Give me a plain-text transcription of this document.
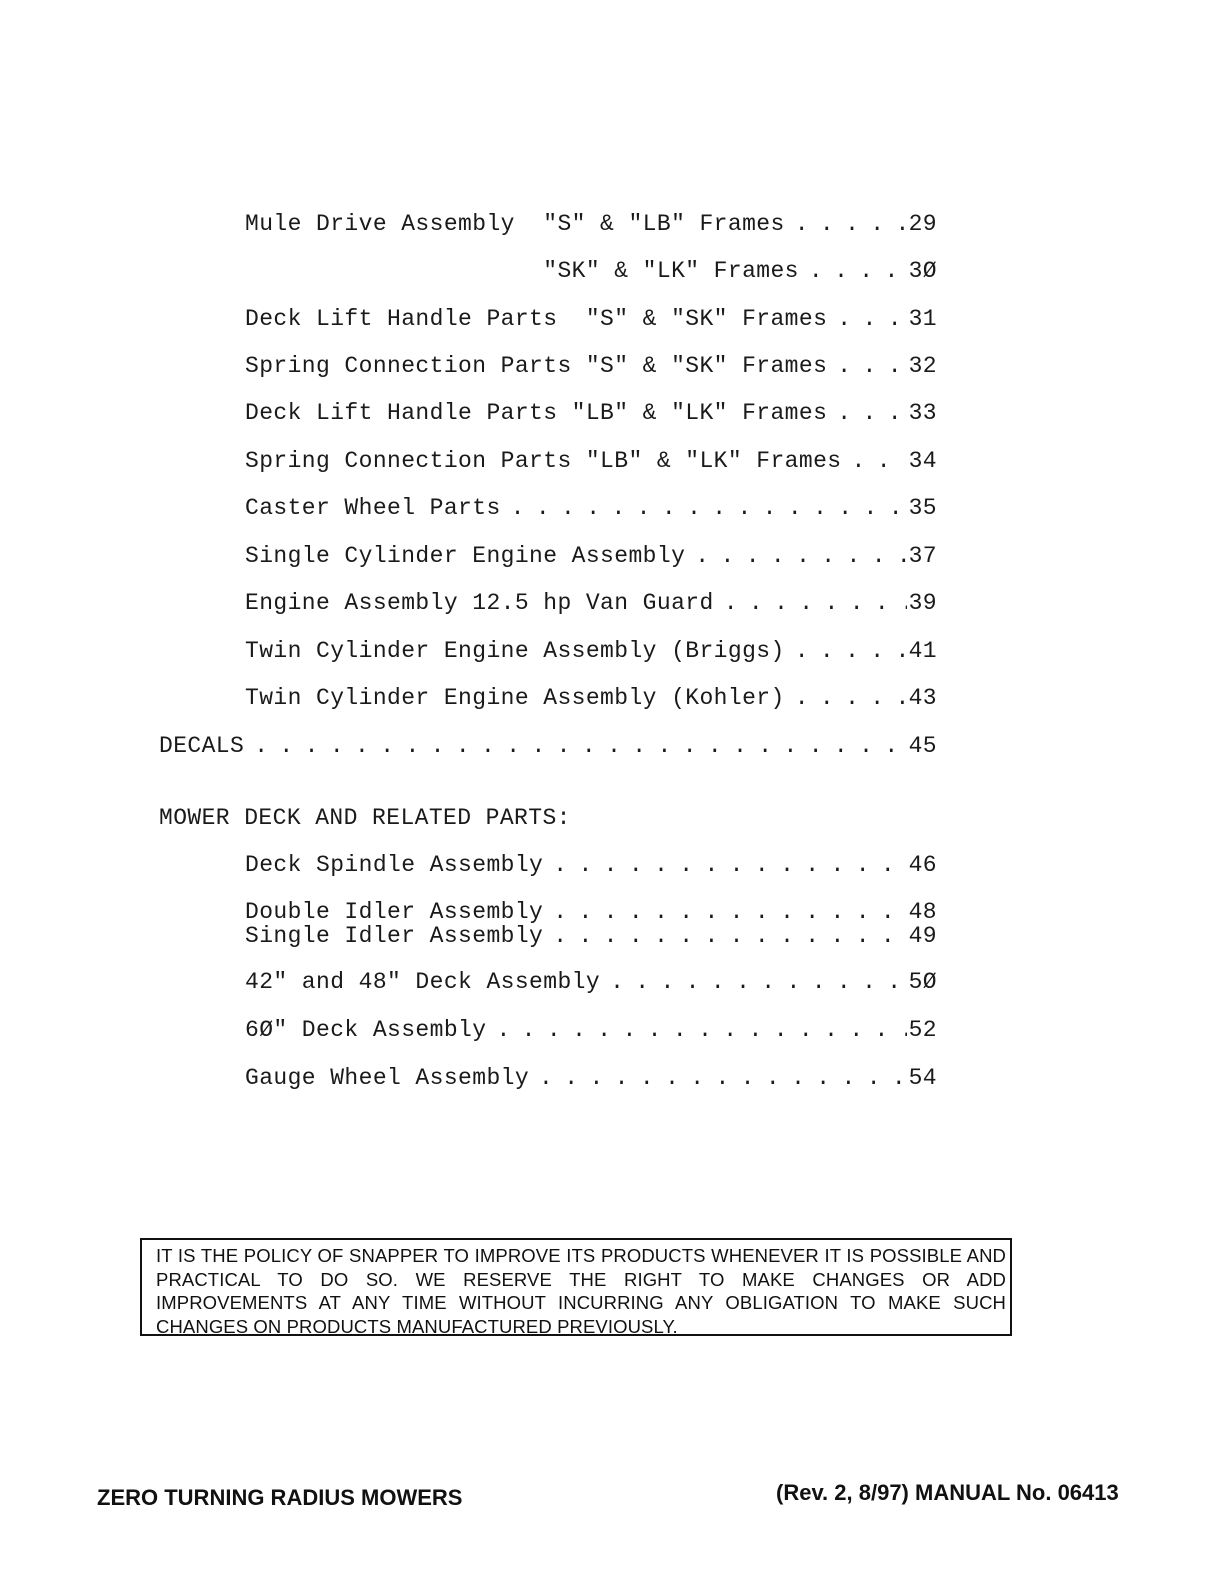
Mule Drive Assembly  "S" & "LB" Frames . . .	29
"SK" & "LK" Frames . . .	3Ø
Deck Lift Handle Parts  "S" & "SK" Frames . . .	31
Spring Connection Parts "S" & "SK" Frames . . .	32
Deck Lift Handle Parts "LB" & "LK" Frames . . .	33
Spring Connection Parts "LB" & "LK" Frames . . .	34
Caster Wheel Parts . . .	35
Single Cylinder Engine Assembly . . .	37
Engine Assembly 12.5 hp Van Guard . . .	39
Twin Cylinder Engine Assembly (Briggs) . . .	41
Twin Cylinder Engine Assembly (Kohler) . . .	43
DECALS . . .	45
MOWER DECK AND RELATED PARTS:
Deck Spindle Assembly . . .	46
Double Idler Assembly . . .	48
Single Idler Assembly . . .	49
42" and 48" Deck Assembly . . .	5Ø
6Ø" Deck Assembly . . .	52
Gauge Wheel Assembly . . .	54
IT IS THE POLICY OF SNAPPER TO IMPROVE ITS PRODUCTS WHENEVER IT IS POSSIBLE AND PRACTICAL TO DO SO. WE RESERVE THE RIGHT TO MAKE CHANGES OR ADD IMPROVEMENTS AT ANY TIME WITHOUT INCURRING ANY OBLIGATION TO MAKE SUCH CHANGES ON PRODUCTS MANUFACTURED PREVIOUSLY.
ZERO TURNING RADIUS MOWERS	(Rev. 2, 8/97) MANUAL No. 06413
